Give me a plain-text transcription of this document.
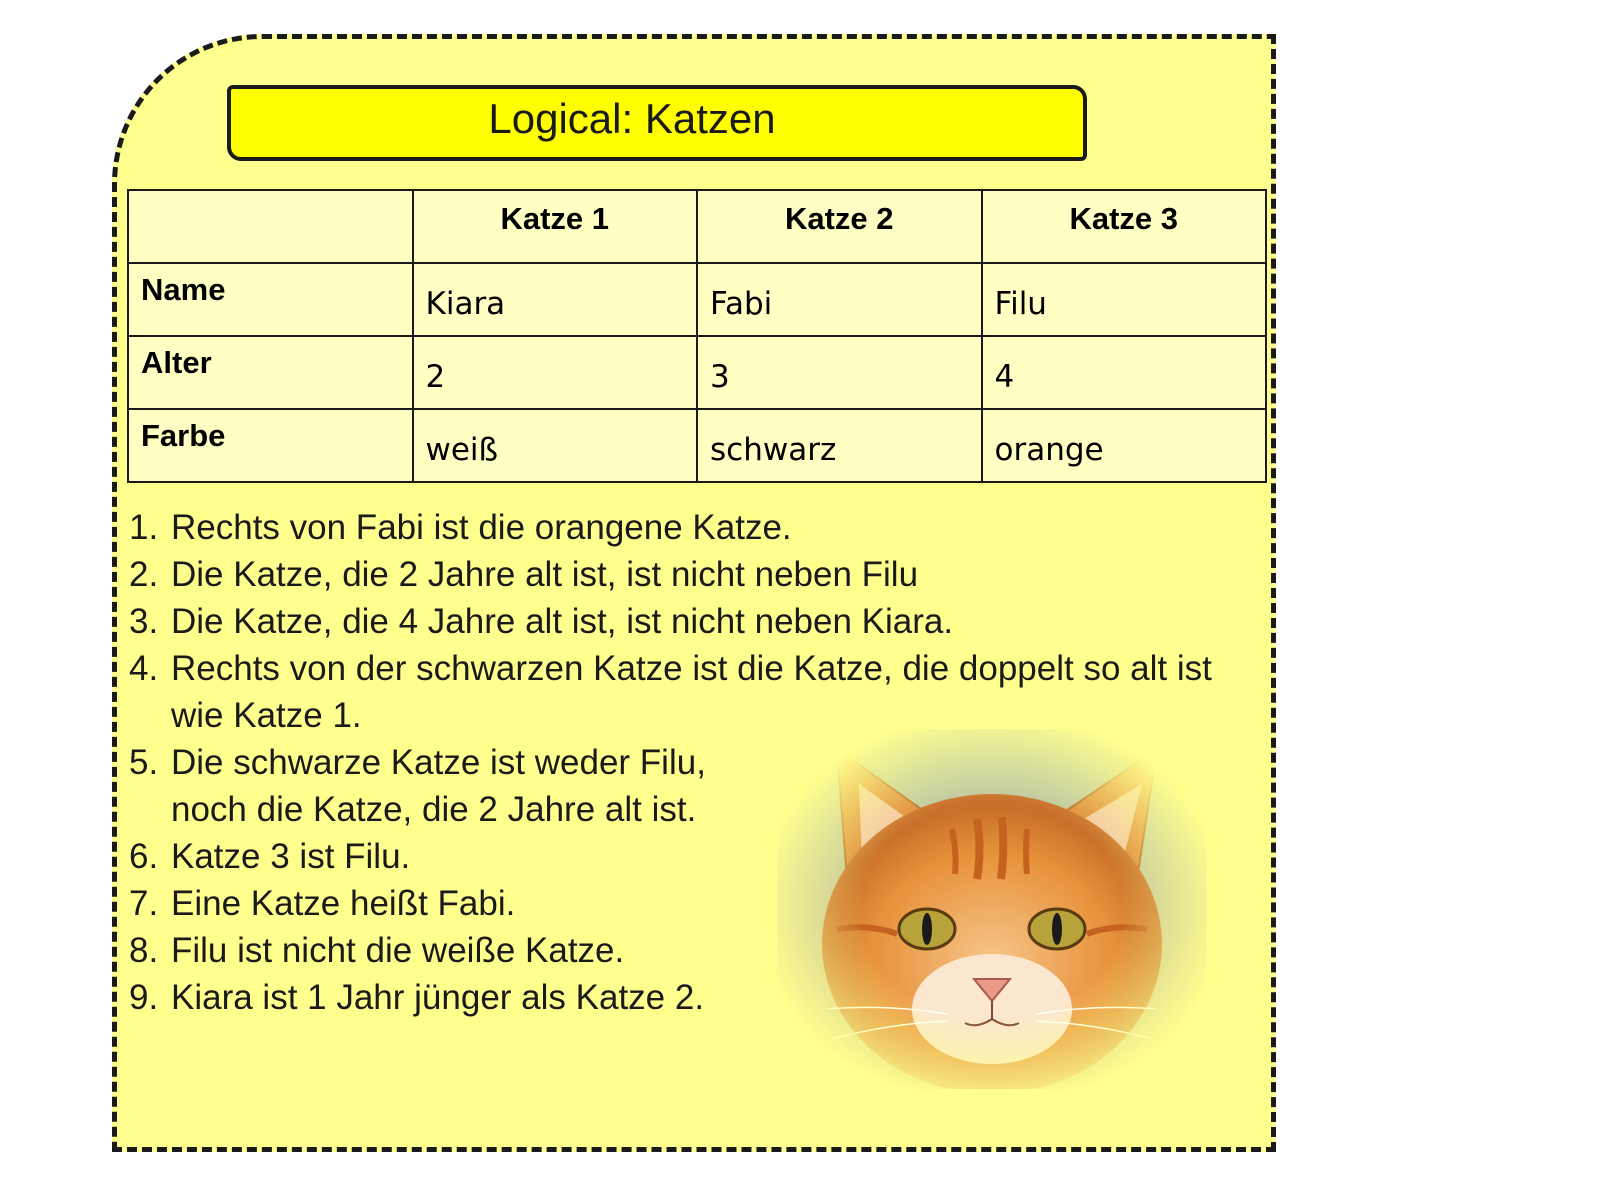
Logical: Katzen
	Katze 1	Katze 2	Katze 3
Name	Kiara	Fabi	Filu
Alter	2	3	4
Farbe	weiß	schwarz	orange
1. Rechts von Fabi ist die orangene Katze.
2. Die Katze, die 2 Jahre alt ist, ist nicht neben Filu
3. Die Katze, die 4 Jahre alt ist, ist nicht neben Kiara.
4. Rechts von der schwarzen Katze ist die Katze, die doppelt so alt ist wie Katze 1.
5. Die schwarze Katze ist weder Filu, noch die Katze, die 2 Jahre alt ist.
6. Katze 3 ist Filu.
7. Eine Katze heißt Fabi.
8. Filu ist nicht die weiße Katze.
9. Kiara ist 1 Jahr jünger als Katze 2.
